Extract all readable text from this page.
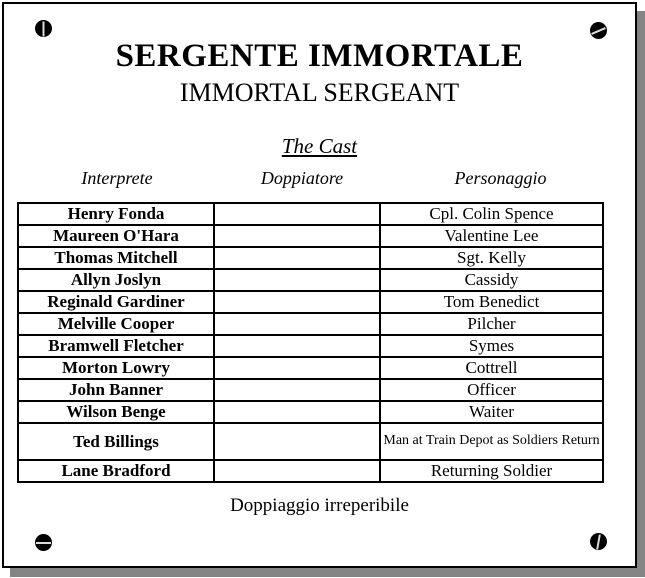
SERGENTE IMMORTALE
IMMORTAL SERGEANT
The Cast
Interprete	Doppiatore	Personaggio
Henry Fonda		Cpl. Colin Spence
Maureen O'Hara		Valentine Lee
Thomas Mitchell		Sgt. Kelly
Allyn Joslyn		Cassidy
Reginald Gardiner		Tom Benedict
Melville Cooper		Pilcher
Bramwell Fletcher		Symes
Morton Lowry		Cottrell
John Banner		Officer
Wilson Benge		Waiter
Ted Billings		Man at Train Depot as Soldiers Return
Lane Bradford		Returning Soldier
Doppiaggio irreperibile
